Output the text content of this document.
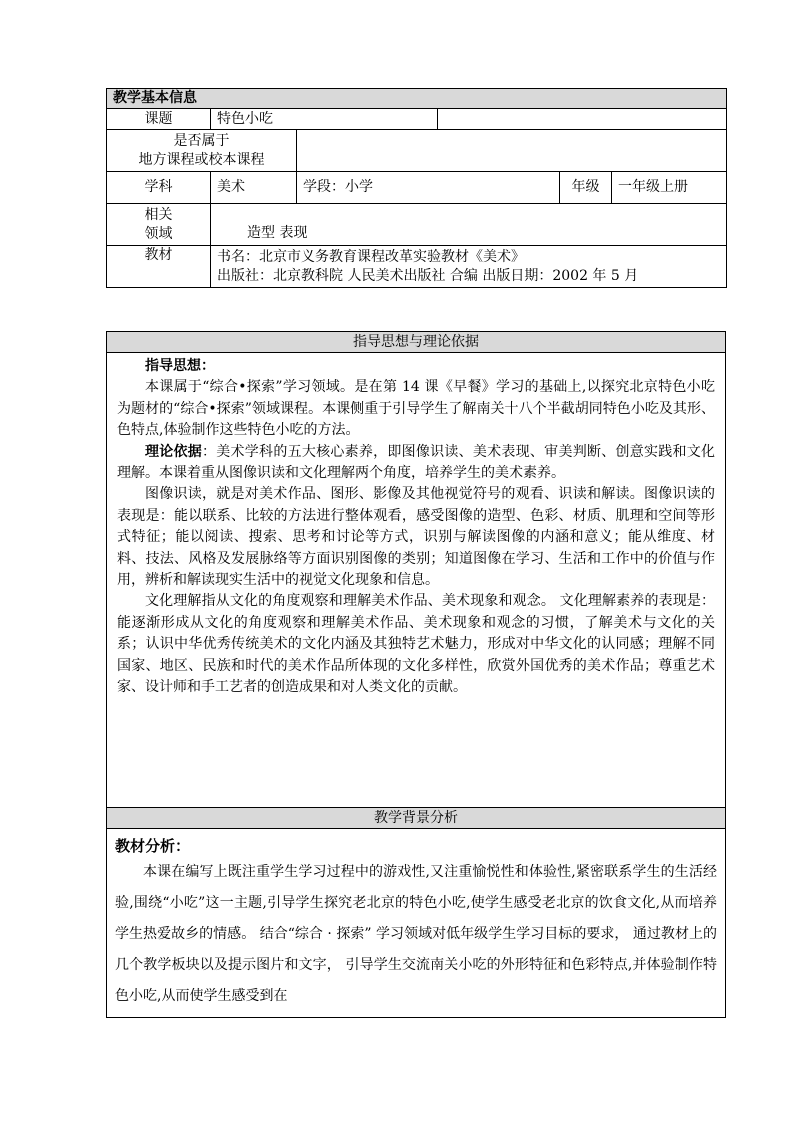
教学基本信息					
课题	特色小吃				

是否属于
地方课程或校本课程					

学科	美术	学段：小学		年级	一年级上册

相关
领域	造型 表现				
教材	书名：北京市义务教育课程改革实验教材《美术》
出版社：北京教科院 人民美术出版社 合编 出版日期：2002 年 5 月				
指导思想与理论依据

指导思想：

本课属于“综合•探索”学习领域。是在第 14 课《早餐》学习的基础上,以探究北京特色小吃为题材的“综合•探索”领域课程。本课侧重于引导学生了解南关十八个半截胡同特色小吃及其形、色特点,体验制作这些特色小吃的方法。

理论依据：美术学科的五大核心素养，即图像识读、美术表现、审美判断、创意实践和文化理解。本课着重从图像识读和文化理解两个角度，培养学生的美术素养。

图像识读，就是对美术作品、图形、影像及其他视觉符号的观看、识读和解读。图像识读的表现是：能以联系、比较的方法进行整体观看，感受图像的造型、色彩、材质、肌理和空间等形式特征；能以阅读、搜索、思考和讨论等方式，识别与解读图像的内涵和意义；能从维度、材料、技法、风格及发展脉络等方面识别图像的类别；知道图像在学习、生活和工作中的价值与作用，辨析和解读现实生活中的视觉文化现象和信息。

文化理解指从文化的角度观察和理解美术作品、美术现象和观念。 文化理解素养的表现是：能逐渐形成从文化的角度观察和理解美术作品、美术现象和观念的习惯，了解美术与文化的关系；认识中华优秀传统美术的文化内涵及其独特艺术魅力，形成对中华文化的认同感；理解不同国家、地区、民族和时代的美术作品所体现的文化多样性，欣赏外国优秀的美术作品；尊重艺术家、设计师和手工艺者的创造成果和对人类文化的贡献。

教学背景分析

教材分析：

本课在编写上既注重学生学习过程中的游戏性,又注重愉悦性和体验性,紧密联系学生的生活经验,围绕“小吃”这一主题,引导学生探究老北京的特色小吃,使学生感受老北京的饮食文化,从而培养学生热爱故乡的情感。 结合“综合 · 探索” 学习领域对低年级学生学习目标的要求， 通过教材上的几个教学板块以及提示图片和文字， 引导学生交流南关小吃的外形特征和色彩特点,并体验制作特色小吃,从而使学生感受到在
